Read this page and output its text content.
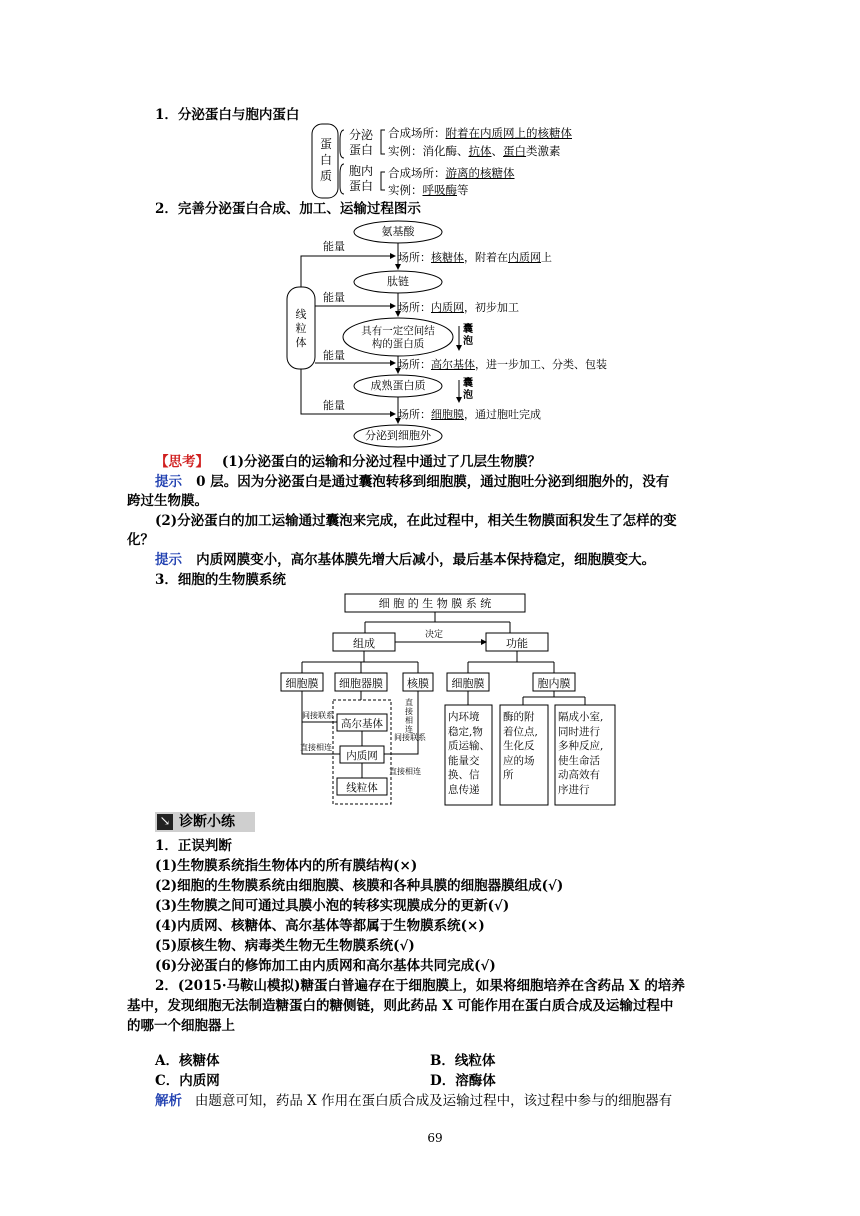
1．分泌蛋白与胞内蛋白
蛋白质
分泌蛋白
胞内蛋白
合成场所：附着在内质网上的核糖体
实例：消化酶、抗体、蛋白类激素
合成场所：游离的核糖体
实例：呼吸酶等
2．完善分泌蛋白合成、加工、运输过程图示
氨基酸
肽链
具有一定空间结构的蛋白质
成熟蛋白质
分泌到细胞外
线粒体
能量
能量
能量
能量
场所：核糖体，附着在内质网上
场所：内质网，初步加工
场所：高尔基体，进一步加工、分类、包装
场所：细胞膜，通过胞吐完成
囊泡
囊泡
【思考】 (1)分泌蛋白的运输和分泌过程中通过了几层生物膜？
提示 0 层。因为分泌蛋白是通过囊泡转移到细胞膜，通过胞吐分泌到细胞外的，没有
跨过生物膜。
(2)分泌蛋白的加工运输通过囊泡来完成，在此过程中，相关生物膜面积发生了怎样的变
化？
提示 内质网膜变小，高尔基体膜先增大后减小，最后基本保持稳定，细胞膜变大。
3．细胞的生物膜系统
细 胞 的 生 物 膜 系 统
组成	功能
决定
细胞膜	细胞器膜	核膜	细胞膜	胞内膜
高尔基体
内质网
线粒体
间接联系
间接联系
直接相连
直接相连
直
接
相
连
内环境
稳定,物
质运输、
能量交
换、信
息传递
酶的附
着位点,
生化反
应的场
所
隔成小室,
同时进行
多种反应,
使生命活
动高效有
序进行
↘ 诊断小练
1．正误判断
(1)生物膜系统指生物体内的所有膜结构(×)
(2)细胞的生物膜系统由细胞膜、核膜和各种具膜的细胞器膜组成(√)
(3)生物膜之间可通过具膜小泡的转移实现膜成分的更新(√)
(4)内质网、核糖体、高尔基体等都属于生物膜系统(×)
(5)原核生物、病毒类生物无生物膜系统(√)
(6)分泌蛋白的修饰加工由内质网和高尔基体共同完成(√)
2．(2015·马鞍山模拟)糖蛋白普遍存在于细胞膜上，如果将细胞培养在含药品 X 的培养
基中，发现细胞无法制造糖蛋白的糖侧链，则此药品 X 可能作用在蛋白质合成及运输过程中
的哪一个细胞器上
A．核糖体	B．线粒体
C．内质网	D．溶酶体
解析 由题意可知，药品 X 作用在蛋白质合成及运输过程中，该过程中参与的细胞器有
69
